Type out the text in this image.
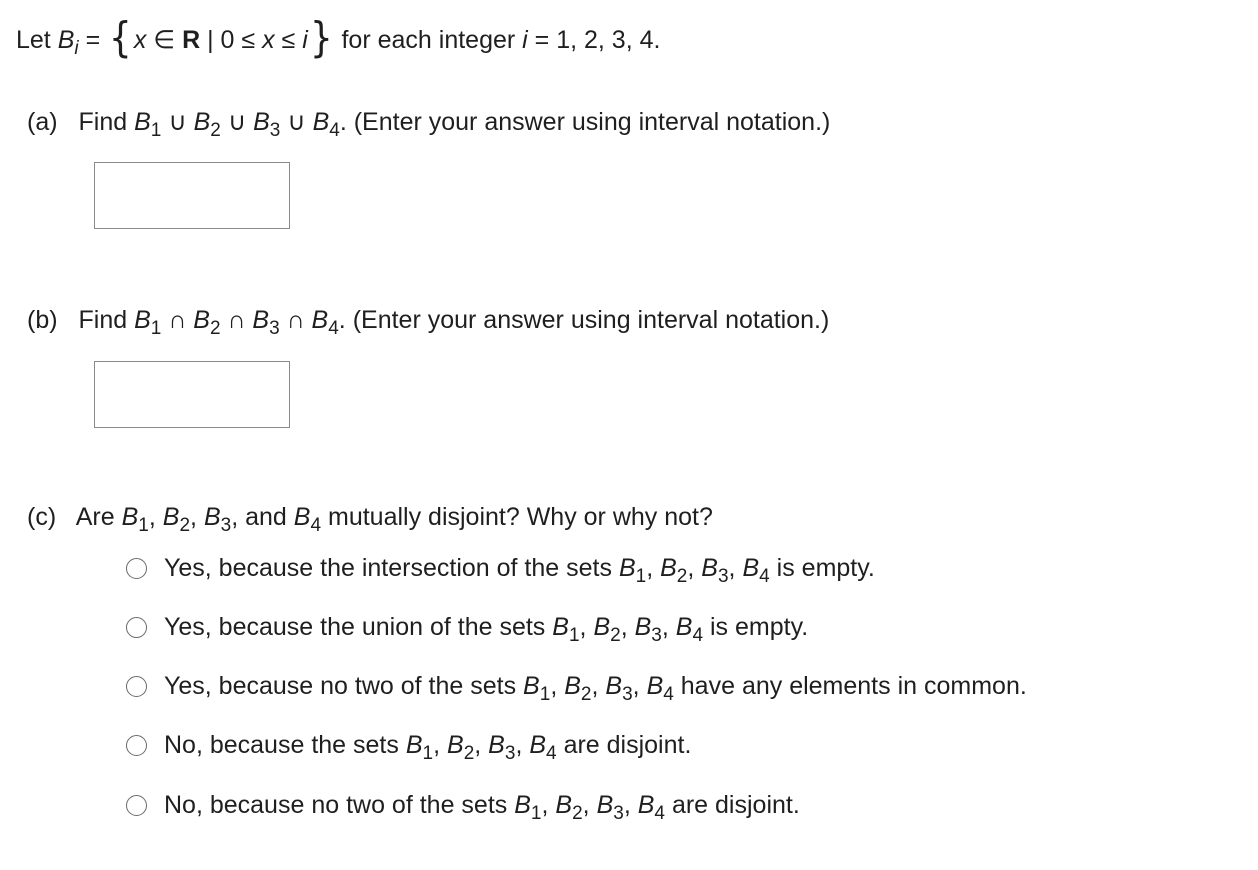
Let $B_i = \{x$ ∈ R | 0 ≤ x ≤ i} for each integer i = 1, 2, 3, 4.
(a) Find $B_1$ ∪ $B_2$ ∪ $B_3$ ∪ $B_4$. (Enter your answer using interval notation.)
(b) Find $B_1$ ∩ $B_2$ ∩ $B_3$ ∩ $B_4$. (Enter your answer using interval notation.)
(c) Are $B_1$, $B_2$, $B_3$, and $B_4$ mutually disjoint? Why or why not?
Yes, because the intersection of the sets $B_1$, $B_2$, $B_3$, $B_4$ is empty.
Yes, because the union of the sets $B_1$, $B_2$, $B_3$, $B_4$ is empty.
Yes, because no two of the sets $B_1$, $B_2$, $B_3$, $B_4$ have any elements in common.
No, because the sets $B_1$, $B_2$, $B_3$, $B_4$ are disjoint.
No, because no two of the sets $B_1$, $B_2$, $B_3$, $B_4$ are disjoint.
